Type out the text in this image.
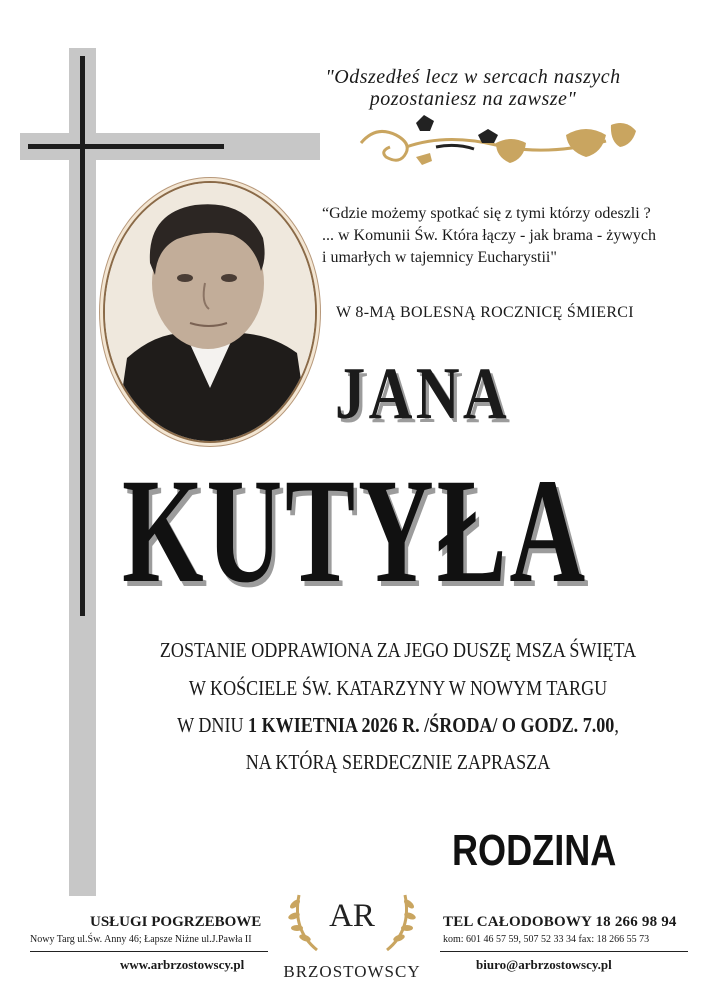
"Odszedłeś lecz w sercach naszych
pozostaniesz na zawsze"
“Gdzie możemy spotkać się z tymi którzy odeszli ?
... w Komunii Św. Która łączy - jak brama - żywych
i umarłych w tajemnicy Eucharystii"
W 8-MĄ BOLESNĄ ROCZNICĘ ŚMIERCI
JANA
KUTYŁA
ZOSTANIE ODPRAWIONA ZA JEGO DUSZĘ MSZA ŚWIĘTA
W KOŚCIELE ŚW. KATARZYNY W NOWYM TARGU
W DNIU 1 KWIETNIA 2026 R. /ŚRODA/ O GODZ. 7.00,
NA KTÓRĄ SERDECZNIE ZAPRASZA
RODZINA
USŁUGI POGRZEBOWE
Nowy Targ ul.Św. Anny 46; Łapsze Niżne ul.J.Pawła II
www.arbrzostowscy.pl
AR
BRZOSTOWSCY
TEL CAŁODOBOWY 18 266 98 94
kom: 601 46 57 59, 507 52 33 34 fax: 18 266 55 73
biuro@arbrzostowscy.pl
